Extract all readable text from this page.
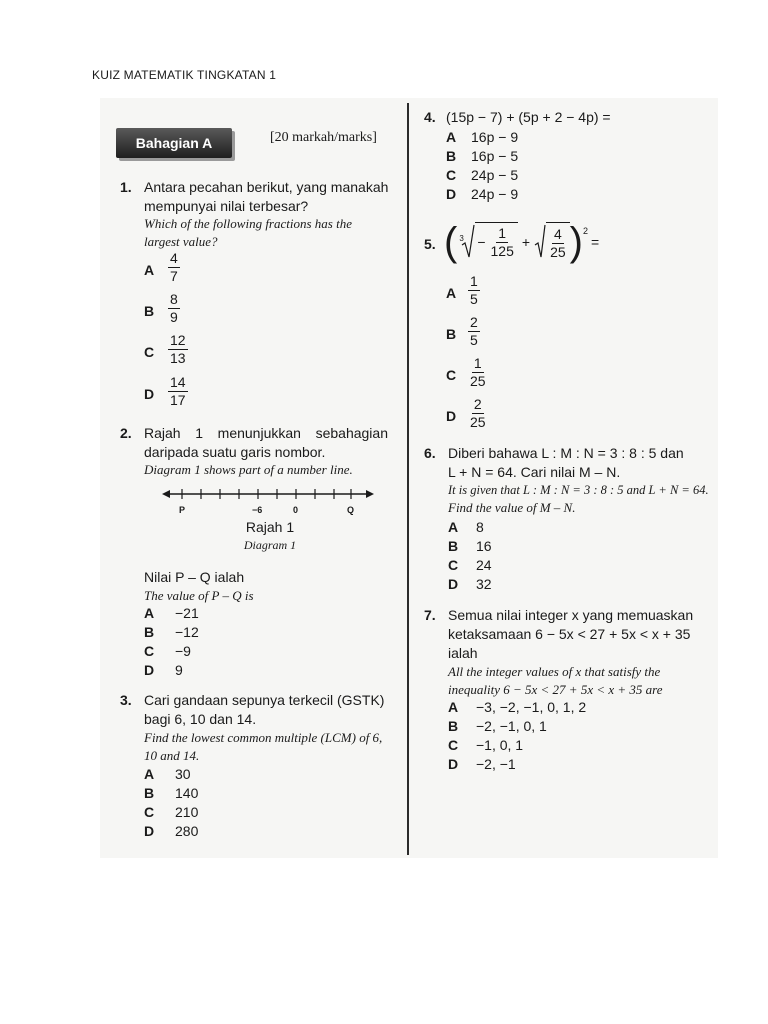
KUIZ MATEMATIK TINGKATAN 1
Bahagian A	[20 markah/marks]
1. Antara pecahan berikut, yang manakah
mempunyai nilai terbesar?
Which of the following fractions has the
largest value?
A $\frac{4}{7}$
B $\frac{8}{9}$
C $\frac{12}{13}$
D $\frac{14}{17}$
2. Rajah 1 menunjukkan sebahagian
daripada suatu garis nombor.
Diagram 1 shows part of a number line.
P	−6	0	Q
Rajah 1
Diagram 1
Nilai P – Q ialah
The value of P – Q is
A −21
B −12
C −9
D 9
3. Cari gandaan sepunya terkecil (GSTK)
bagi 6, 10 dan 14.
Find the lowest common multiple (LCM) of 6,
10 and 14.
A 30
B 140
C 210
D 280
4. (15p − 7) + (5p + 2 − 4p) =
A 16p − 9
B 16p − 5
C 24p − 5
D 24p − 9
5. ( $3 - \frac{1}{125} + \frac{4}{25} )^2$
=
A $\frac{1}{5}$
B $\frac{2}{5}$
C $\frac{1}{25}$
D $\frac{2}{25}$
6. Diberi bahawa L : M : N = 3 : 8 : 5 dan
L + N = 64. Cari nilai M – N.
It is given that L : M : N = 3 : 8 : 5 and L + N = 64.
Find the value of M – N.
A 8
B 16
C 24
D 32
7. Semua nilai integer x yang memuaskan
ketaksamaan 6 − 5x < 27 + 5x < x + 35
ialah
All the integer values of x that satisfy the
inequality 6 − 5x < 27 + 5x < x + 35 are
A −3, −2, −1, 0, 1, 2
B −2, −1, 0, 1
C −1, 0, 1
D −2, −1
